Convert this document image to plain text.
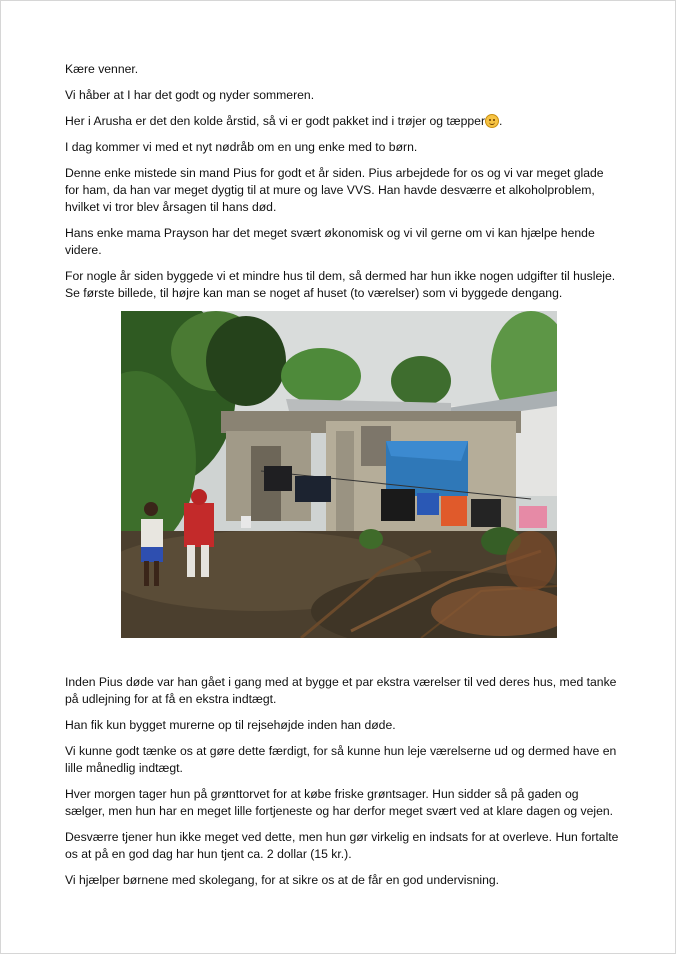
Kære venner.

Vi håber at I har det godt og nyder sommeren.

Her i Arusha er det den kolde årstid, så vi er godt pakket ind i trøjer og tæpper .

I dag kommer vi med et nyt nødråb om en ung enke med to børn.

Denne enke mistede sin mand Pius for godt et år siden. Pius arbejdede for os og vi var meget glade for ham, da han var meget dygtig til at mure og lave VVS. Han havde desværre et alkoholproblem, hvilket vi tror blev årsagen til hans død.

Hans enke mama Prayson har det meget svært økonomisk og vi vil gerne om vi kan hjælpe hende videre.

For nogle år siden byggede vi et mindre hus til dem, så dermed har hun ikke nogen udgifter til husleje. Se første billede, til højre kan man se noget af huset (to værelser) som vi byggede dengang.

Inden Pius døde var han gået i gang med at bygge et par ekstra værelser til ved deres hus, med tanke på udlejning for at få en ekstra indtægt.

Han fik kun bygget murerne op til rejsehøjde inden han døde.

Vi kunne godt tænke os at gøre dette færdigt, for så kunne hun leje værelserne ud og dermed have en lille månedlig indtægt.

Hver morgen tager hun på grønttorvet for at købe friske grøntsager. Hun sidder så på gaden og sælger, men hun har en meget lille fortjeneste og har derfor meget svært ved at klare dagen og vejen.

Desværre tjener hun ikke meget ved dette, men hun gør virkelig en indsats for at overleve. Hun fortalte os at på en god dag har hun tjent ca. 2 dollar (15 kr.).

Vi hjælper børnene med skolegang, for at sikre os at de får en god undervisning.
